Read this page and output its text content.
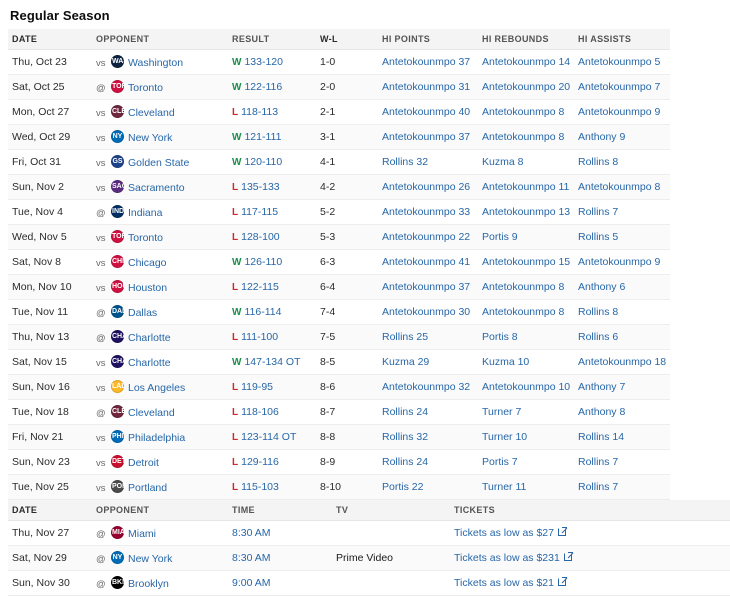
Regular Season
DATE	OPPONENT	RESULT	W-L	HI POINTS	HI REBOUNDS	HI ASSISTS
Thu, Oct 23	vs WAS Washington	W 133-120	1-0	Antetokounmpo 37	Antetokounmpo 14	Antetokounmpo 5
Sat, Oct 25	@ TOR Toronto	W 122-116	2-0	Antetokounmpo 31	Antetokounmpo 20	Antetokounmpo 7
Mon, Oct 27	vs CLE Cleveland	L 118-113	2-1	Antetokounmpo 40	Antetokounmpo 8	Antetokounmpo 9
Wed, Oct 29	vs NY New York	W 121-111	3-1	Antetokounmpo 37	Antetokounmpo 8	Anthony 9
Fri, Oct 31	vs GS Golden State	W 120-110	4-1	Rollins 32	Kuzma 8	Rollins 8
Sun, Nov 2	vs SAC Sacramento	L 135-133	4-2	Antetokounmpo 26	Antetokounmpo 11	Antetokounmpo 8
Tue, Nov 4	@ IND Indiana	L 117-115	5-2	Antetokounmpo 33	Antetokounmpo 13	Rollins 7
Wed, Nov 5	vs TOR Toronto	L 128-100	5-3	Antetokounmpo 22	Portis 9	Rollins 5
Sat, Nov 8	vs CHI Chicago	W 126-110	6-3	Antetokounmpo 41	Antetokounmpo 15	Antetokounmpo 9
Mon, Nov 10	vs HOU Houston	L 122-115	6-4	Antetokounmpo 37	Antetokounmpo 8	Anthony 6
Tue, Nov 11	@ DAL Dallas	W 116-114	7-4	Antetokounmpo 30	Antetokounmpo 8	Rollins 8
Thu, Nov 13	@ CHA Charlotte	L 111-100	7-5	Rollins 25	Portis 8	Rollins 6
Sat, Nov 15	vs CHA Charlotte	W 147-134 OT	8-5	Kuzma 29	Kuzma 10	Antetokounmpo 18
Sun, Nov 16	vs LAL Los Angeles	L 119-95	8-6	Antetokounmpo 32	Antetokounmpo 10	Anthony 7
Tue, Nov 18	@ CLE Cleveland	L 118-106	8-7	Rollins 24	Turner 7	Anthony 8
Fri, Nov 21	vs PHI Philadelphia	L 123-114 OT	8-8	Rollins 32	Turner 10	Rollins 14
Sun, Nov 23	vs DET Detroit	L 129-116	8-9	Rollins 24	Portis 7	Rollins 7
Tue, Nov 25	vs POR Portland	L 115-103	8-10	Portis 22	Turner 11	Rollins 7
DATE	OPPONENT	TIME	TV	TICKETS
Thu, Nov 27	@ MIA Miami	8:30 AM		Tickets as low as $27
Sat, Nov 29	@ NY New York	8:30 AM	Prime Video	Tickets as low as $231
Sun, Nov 30	@ BKN Brooklyn	9:00 AM		Tickets as low as $21
